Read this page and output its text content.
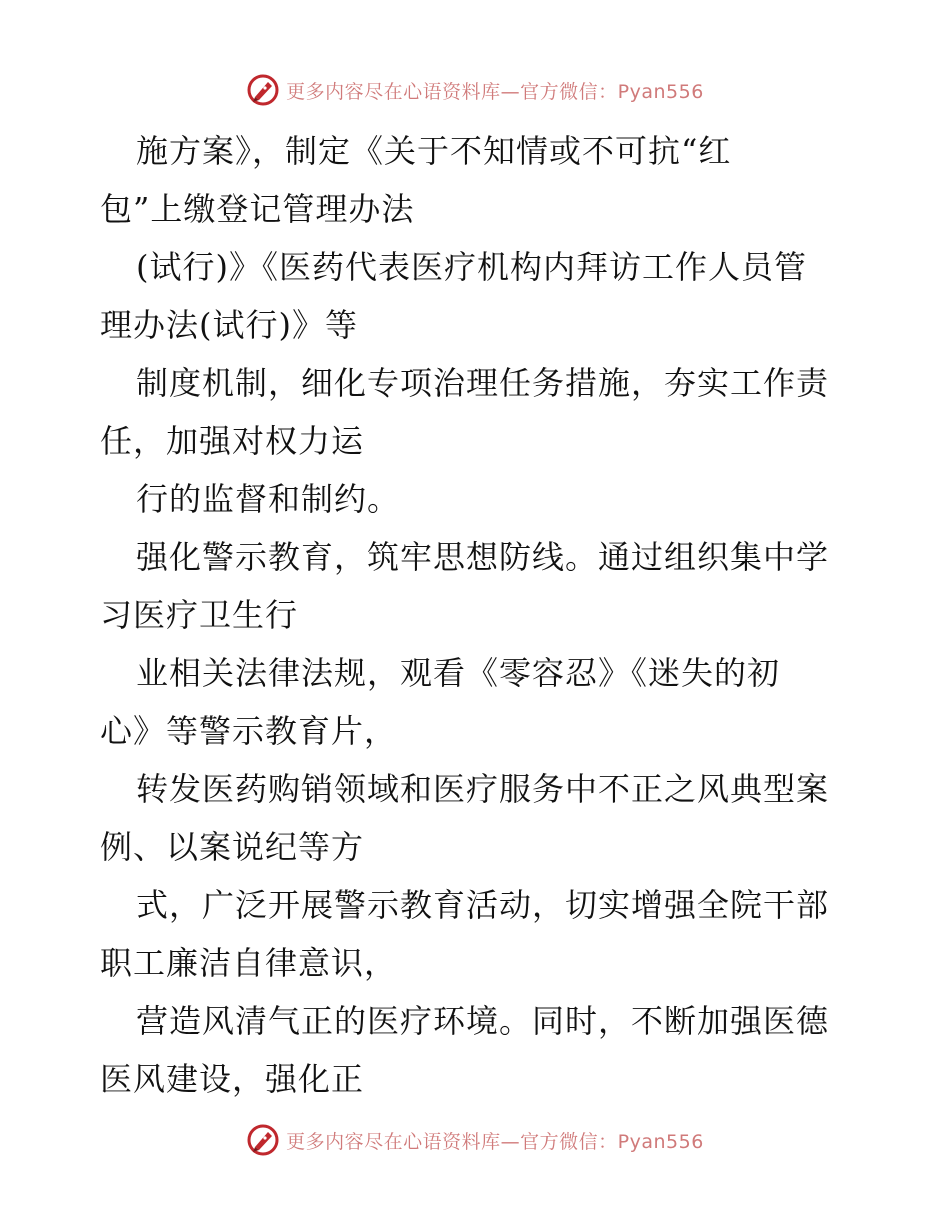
更多内容尽在心语资料库—官方微信：Pyan556
施方案》，制定《关于不知情或不可抗“红
包”上缴登记管理办法
(试行)》《医药代表医疗机构内拜访工作人员管
理办法(试行)》等
制度机制，细化专项治理任务措施，夯实工作责
任，加强对权力运
行的监督和制约。
强化警示教育，筑牢思想防线。通过组织集中学
习医疗卫生行
业相关法律法规，观看《零容忍》《迷失的初
心》等警示教育片，
转发医药购销领域和医疗服务中不正之风典型案
例、以案说纪等方
式，广泛开展警示教育活动，切实增强全院干部
职工廉洁自律意识，
营造风清气正的医疗环境。同时，不断加强医德
医风建设，强化正
更多内容尽在心语资料库—官方微信：Pyan556
